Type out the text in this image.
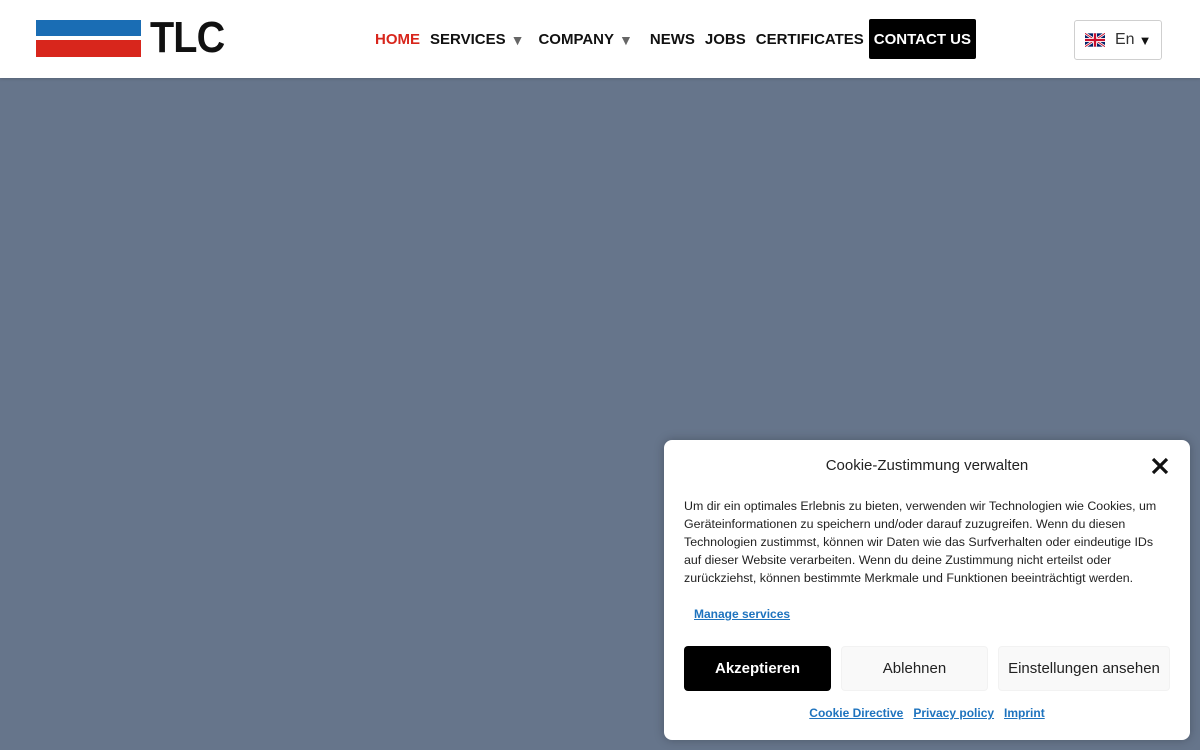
TLC	HOME SERVICES ▼ COMPANY ▼ NEWS JOBS CERTIFICATES CONTACT US	En ▼
Cookie-Zustimmung verwalten
Um dir ein optimales Erlebnis zu bieten, verwenden wir Technologien wie Cookies, um Geräteinformationen zu speichern und/oder darauf zuzugreifen. Wenn du diesen Technologien zustimmst, können wir Daten wie das Surfverhalten oder eindeutige IDs auf dieser Website verarbeiten. Wenn du deine Zustimmung nicht erteilst oder zurückziehst, können bestimmte Merkmale und Funktionen beeinträchtigt werden.
Manage services
Akzeptieren	Ablehnen	Einstellungen ansehen
Cookie Directive Privacy policy Imprint
